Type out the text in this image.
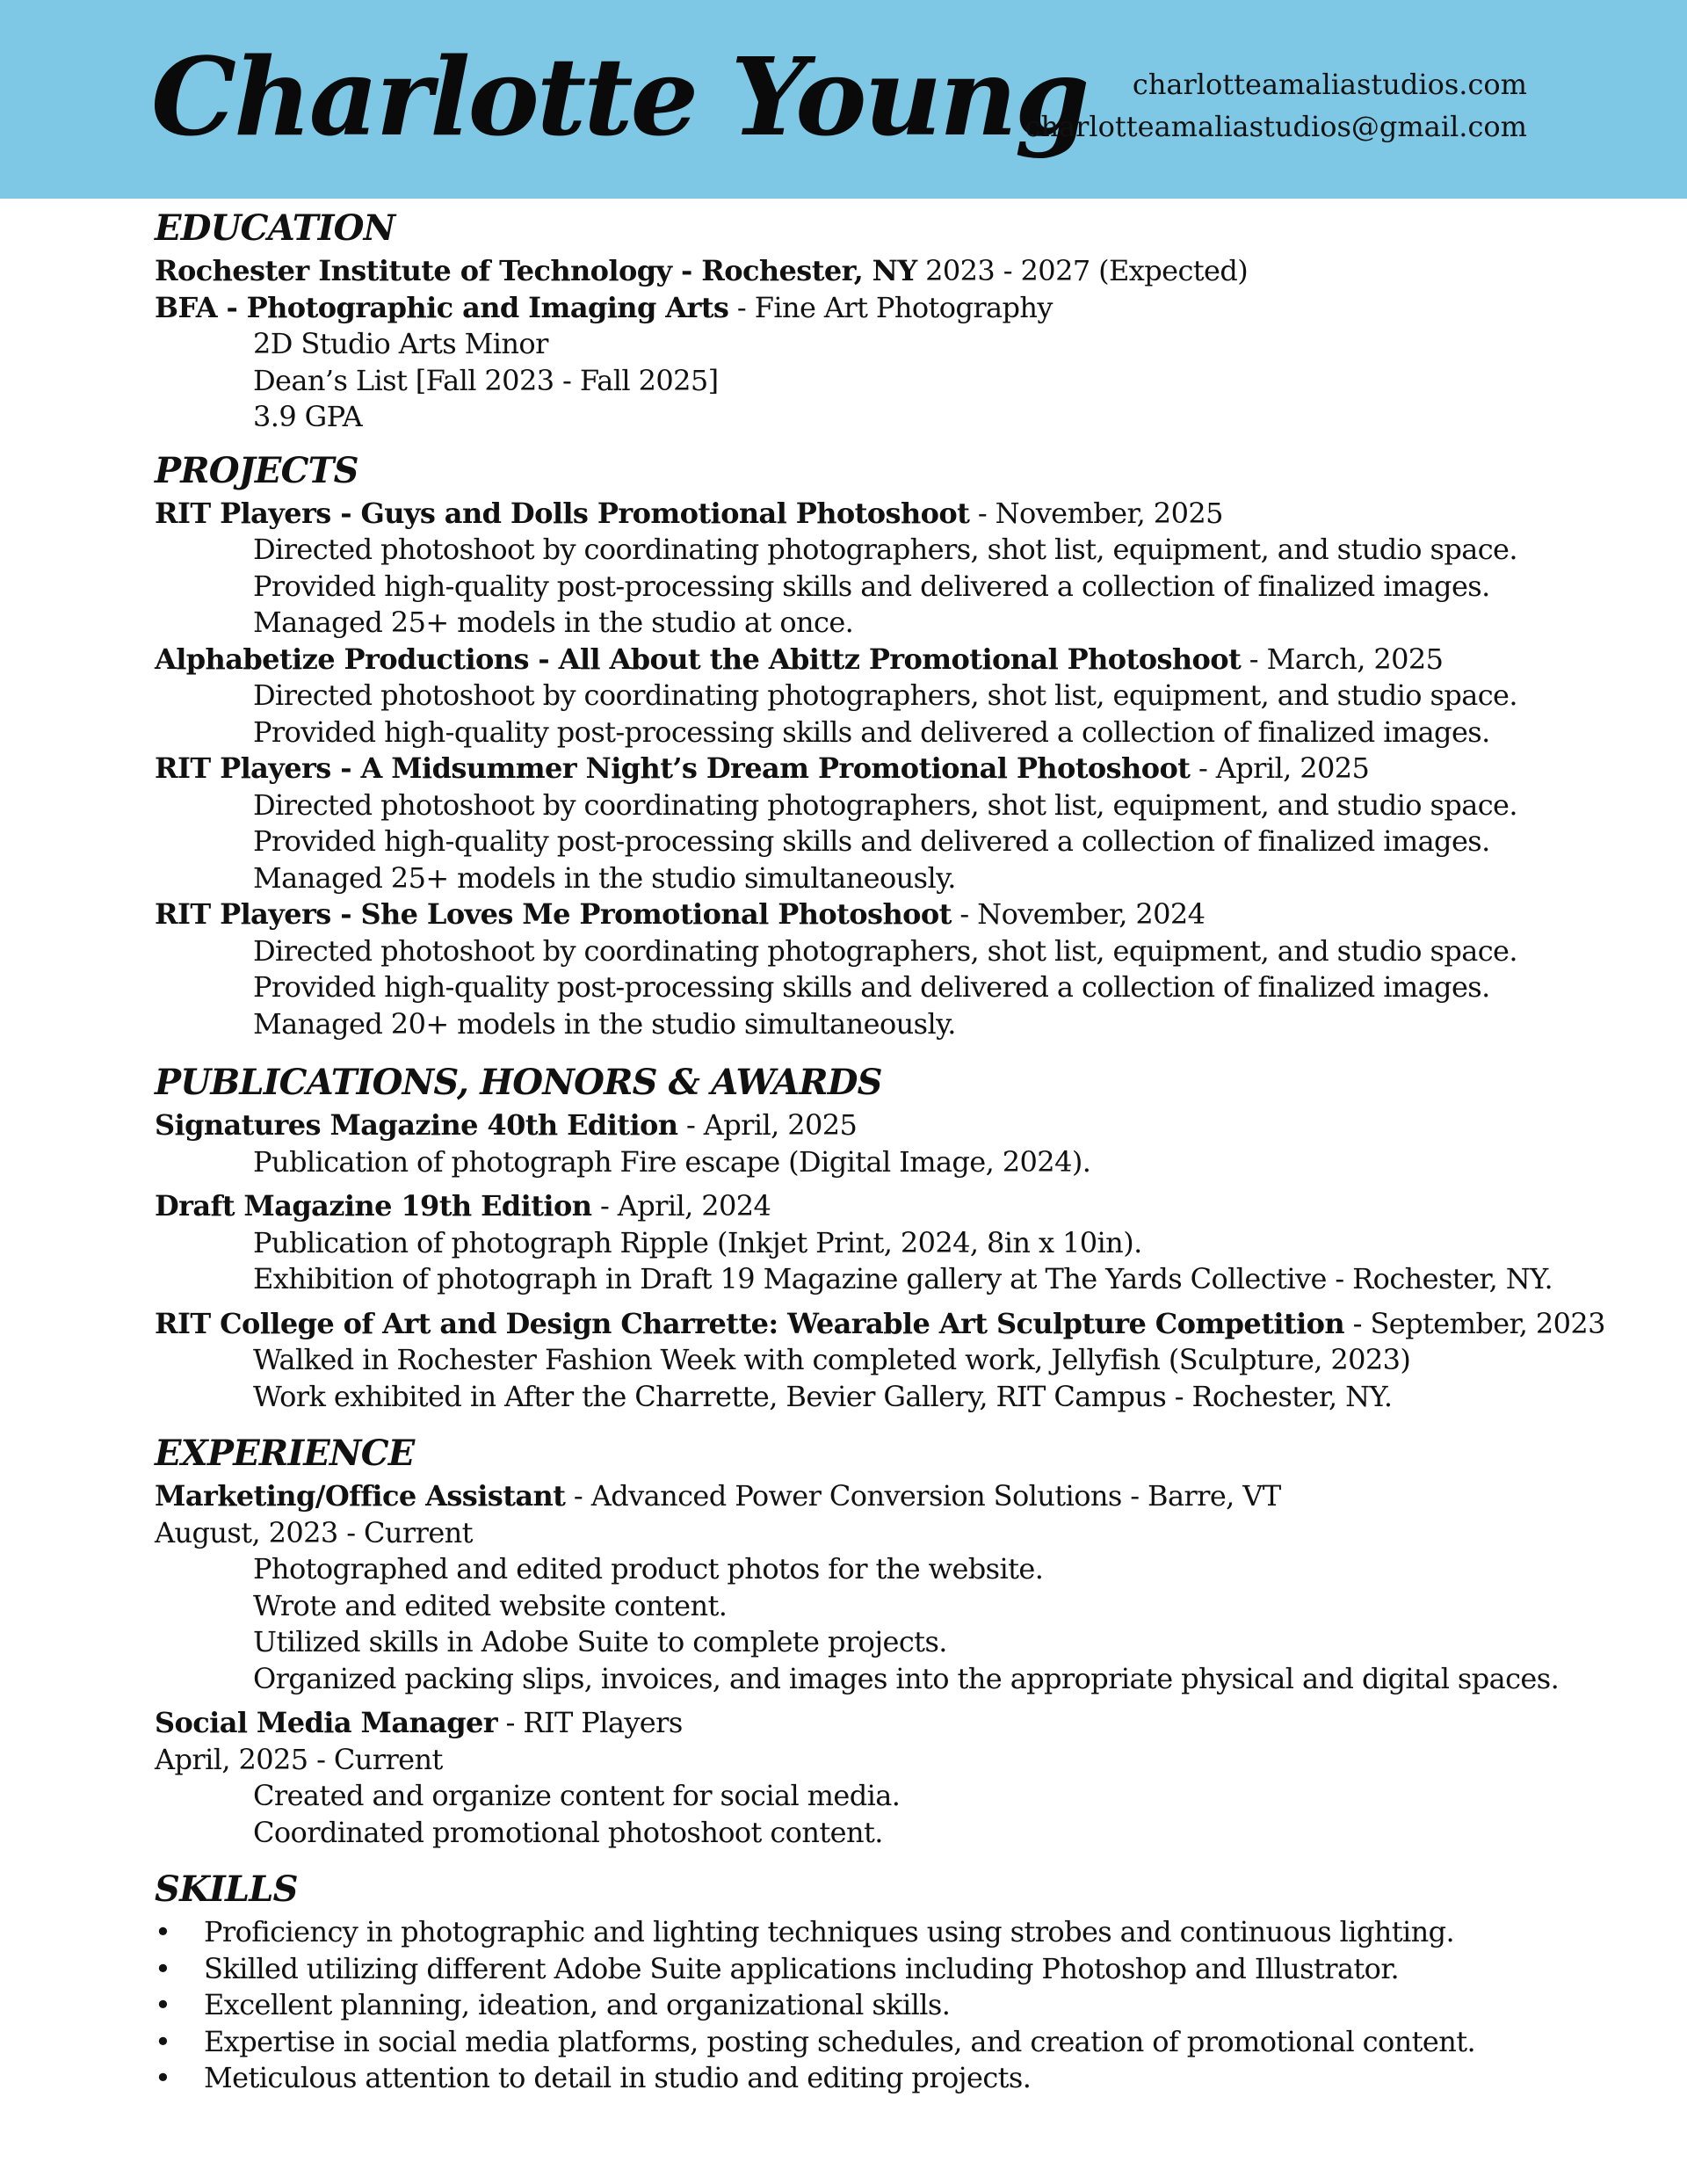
Charlotte Young	charlotteamaliastudios.com
charlotteamaliastudios@gmail.com
EDUCATION
Rochester Institute of Technology - Rochester, NY 2023 - 2027 (Expected)
BFA - Photographic and Imaging Arts - Fine Art Photography
2D Studio Arts Minor
Dean’s List [Fall 2023 - Fall 2025]
3.9 GPA
PROJECTS
RIT Players - Guys and Dolls Promotional Photoshoot - November, 2025
Directed photoshoot by coordinating photographers, shot list, equipment, and studio space.
Provided high-quality post-processing skills and delivered a collection of finalized images.
Managed 25+ models in the studio at once.
Alphabetize Productions - All About the Abittz Promotional Photoshoot - March, 2025
Directed photoshoot by coordinating photographers, shot list, equipment, and studio space.
Provided high-quality post-processing skills and delivered a collection of finalized images.
RIT Players - A Midsummer Night’s Dream Promotional Photoshoot - April, 2025
Directed photoshoot by coordinating photographers, shot list, equipment, and studio space.
Provided high-quality post-processing skills and delivered a collection of finalized images.
Managed 25+ models in the studio simultaneously.
RIT Players - She Loves Me Promotional Photoshoot - November, 2024
Directed photoshoot by coordinating photographers, shot list, equipment, and studio space.
Provided high-quality post-processing skills and delivered a collection of finalized images.
Managed 20+ models in the studio simultaneously.
PUBLICATIONS, HONORS & AWARDS
Signatures Magazine 40th Edition - April, 2025
Publication of photograph Fire escape (Digital Image, 2024).
Draft Magazine 19th Edition - April, 2024
Publication of photograph Ripple (Inkjet Print, 2024, 8in x 10in).
Exhibition of photograph in Draft 19 Magazine gallery at The Yards Collective - Rochester, NY.
RIT College of Art and Design Charrette: Wearable Art Sculpture Competition - September, 2023
Walked in Rochester Fashion Week with completed work, Jellyfish (Sculpture, 2023)
Work exhibited in After the Charrette, Bevier Gallery, RIT Campus - Rochester, NY.
EXPERIENCE
Marketing/Office Assistant - Advanced Power Conversion Solutions - Barre, VT
August, 2023 - Current
Photographed and edited product photos for the website.
Wrote and edited website content.
Utilized skills in Adobe Suite to complete projects.
Organized packing slips, invoices, and images into the appropriate physical and digital spaces.
Social Media Manager - RIT Players
April, 2025 - Current
Created and organize content for social media.
Coordinated promotional photoshoot content.
SKILLS
• Proficiency in photographic and lighting techniques using strobes and continuous lighting.
• Skilled utilizing different Adobe Suite applications including Photoshop and Illustrator.
• Excellent planning, ideation, and organizational skills.
• Expertise in social media platforms, posting schedules, and creation of promotional content.
• Meticulous attention to detail in studio and editing projects.
